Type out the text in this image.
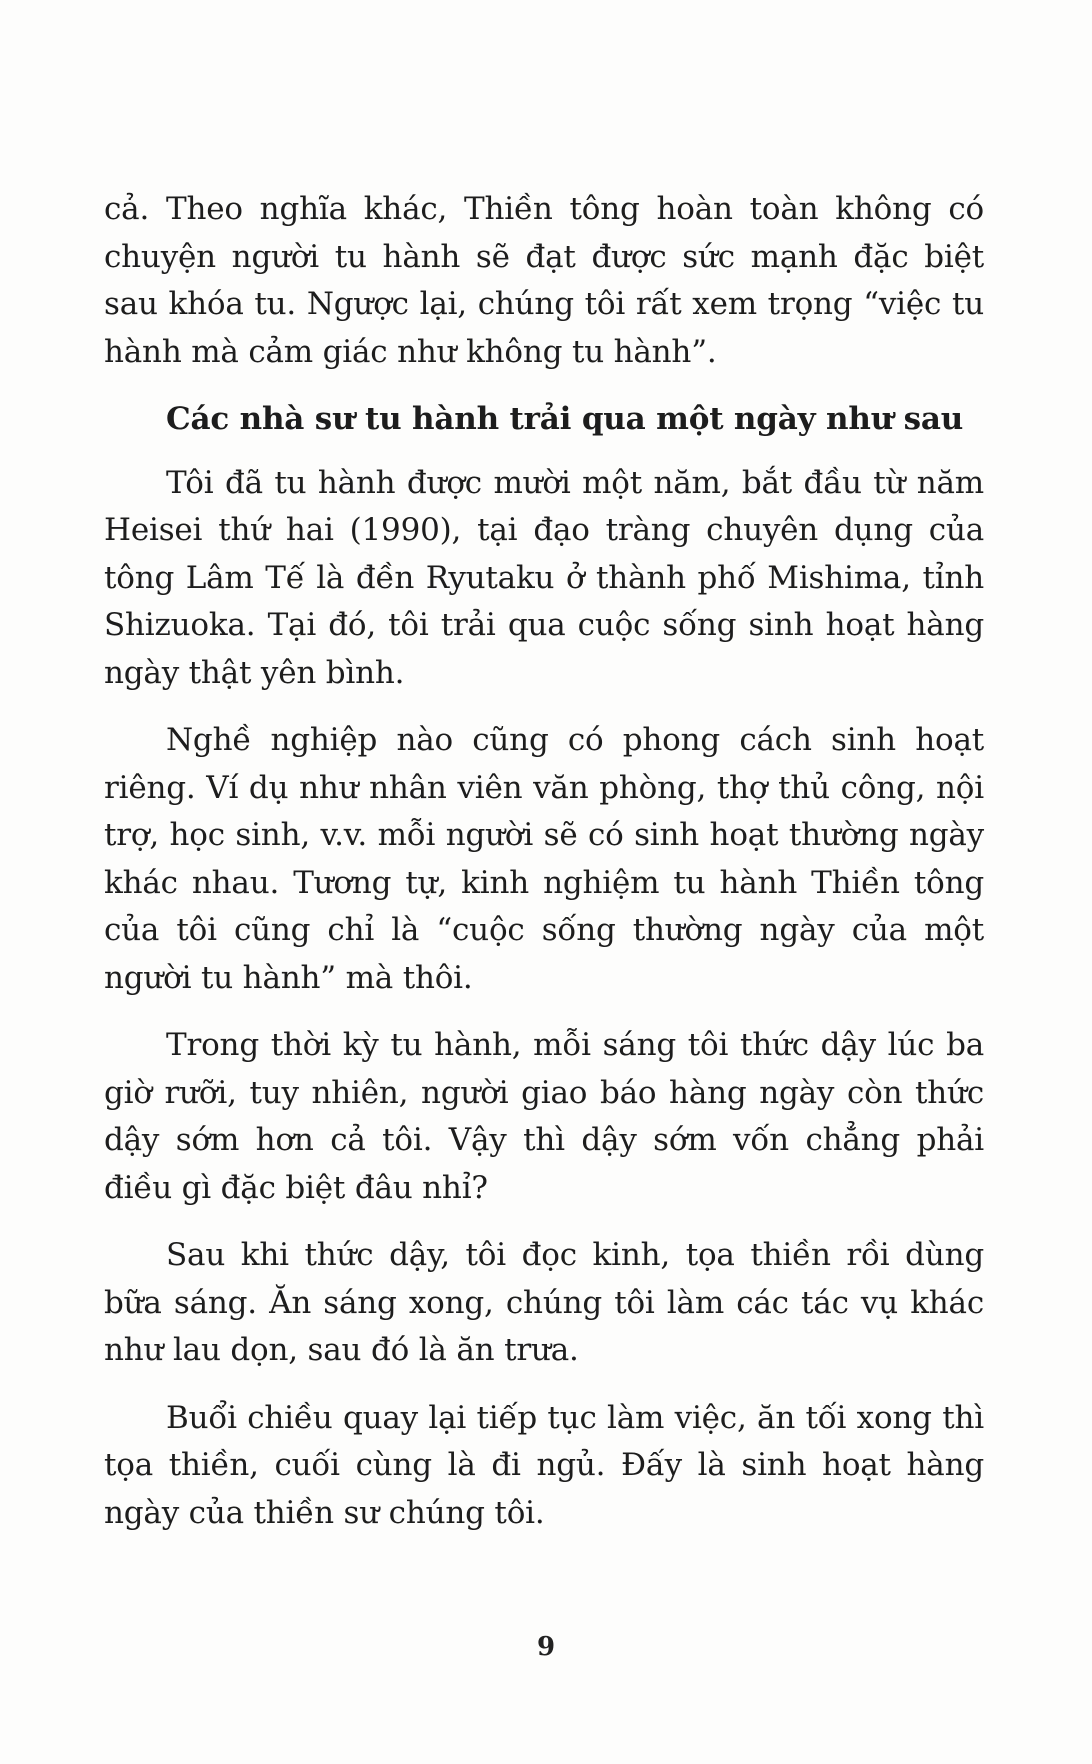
cả. Theo nghĩa khác, Thiền tông hoàn toàn không có chuyện người tu hành sẽ đạt được sức mạnh đặc biệt sau khóa tu. Ngược lại, chúng tôi rất xem trọng “việc tu hành mà cảm giác như không tu hành”.

Các nhà sư tu hành trải qua một ngày như sau

Tôi đã tu hành được mười một năm, bắt đầu từ năm Heisei thứ hai (1990), tại đạo tràng chuyên dụng của tông Lâm Tế là đền Ryutaku ở thành phố Mishima, tỉnh Shizuoka. Tại đó, tôi trải qua cuộc sống sinh hoạt hàng ngày thật yên bình.

Nghề nghiệp nào cũng có phong cách sinh hoạt riêng. Ví dụ như nhân viên văn phòng, thợ thủ công, nội trợ, học sinh, v.v. mỗi người sẽ có sinh hoạt thường ngày khác nhau. Tương tự, kinh nghiệm tu hành Thiền tông của tôi cũng chỉ là “cuộc sống thường ngày của một người tu hành” mà thôi.

Trong thời kỳ tu hành, mỗi sáng tôi thức dậy lúc ba giờ rưỡi, tuy nhiên, người giao báo hàng ngày còn thức dậy sớm hơn cả tôi. Vậy thì dậy sớm vốn chẳng phải điều gì đặc biệt đâu nhỉ?

Sau khi thức dậy, tôi đọc kinh, tọa thiền rồi dùng bữa sáng. Ăn sáng xong, chúng tôi làm các tác vụ khác như lau dọn, sau đó là ăn trưa.

Buổi chiều quay lại tiếp tục làm việc, ăn tối xong thì tọa thiền, cuối cùng là đi ngủ. Đấy là sinh hoạt hàng ngày của thiền sư chúng tôi.

9
